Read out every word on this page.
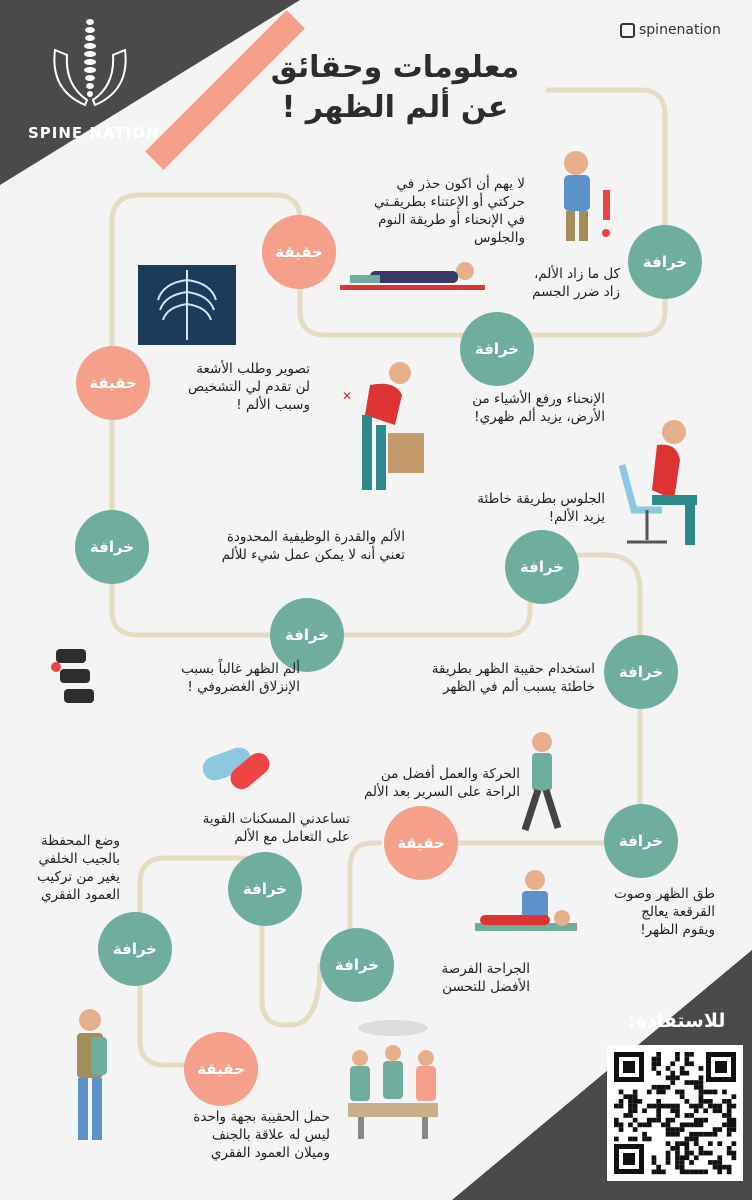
SPINE NATION
spinenation
معلومات وحقائق
عن ألم الظهر !
خرافة
حقيقة
خرافة
حقيقة
خرافة
خرافة
خرافة
خرافة
خرافة
حقيقة
خرافة
خرافة
خرافة
حقيقة
كل ما زاد الألم،
زاد ضرر الجسم
لا يهم أن اكون حذر في
حركتي أو الإعتناء بطريقـتي
في الإنحناء أو طريقة النوم
والجلوس
الإنحناء ورفع الأشياء من
الأرض، يزيد ألم ظهري!
تصوير وطلب الأشعة
لن تقدم لي التشخيص
وسبب الألم !
الجلوس بطريقة خاطئة
يزيد الألم!
الألم والقدرة الوظيفية المحدودة
تعني أنه لا يمكن عمل شيء للألم
استخدام حقيبة الظهر بطريقة
خاطئة يسبب ألم في الظهر
ألم الظهر غالباً بسبب
الإنزلاق الغضروفي !
الحركة والعمل أفضل من
الراحة على السرير بعد الألم
تساعدني المسكنات القوية
على التعامل مع الألم
طق الظهر وصوت
القرقعة يعالج
ويقوم الظهر!
وضع المحفظة
بالجيب الخلفي
يغير من تركيب
العمود الفقري
الجراحة الفرصة
الأفضل للتحسن
حمل الحقيبة بجهة واحدة
ليس له علاقة بالجنف
وميلان العمود الفقري
✕
للاستفادة:
